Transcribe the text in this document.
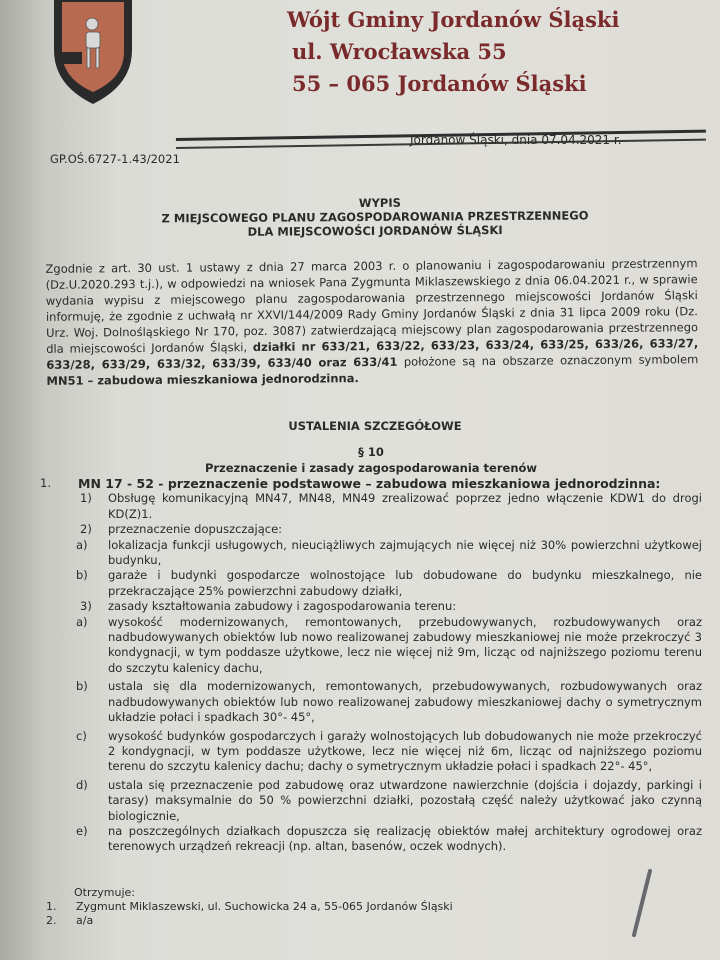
Wójt Gminy Jordanów Śląski
ul. Wrocławska 55
55 – 065 Jordanów Śląski
Jordanów Śląski, dnia 07.04.2021 r.
GP.OŚ.6727-1.43/2021
WYPIS
Z MIEJSCOWEGO PLANU ZAGOSPODAROWANIA PRZESTRZENNEGO
DLA MIEJSCOWOŚCI JORDANÓW ŚLĄSKI
Zgodnie z art. 30 ust. 1 ustawy z dnia 27 marca 2003 r. o planowaniu i zagospodarowaniu przestrzennym (Dz.U.2020.293 t.j.), w odpowiedzi na wniosek Pana Zygmunta Miklaszewskiego z dnia 06.04.2021 r., w sprawie wydania wypisu z miejscowego planu zagospodarowania przestrzennego miejscowości Jordanów Śląski informuję, że zgodnie z uchwałą nr XXVI/144/2009 Rady Gminy Jordanów Śląski z dnia 31 lipca 2009 roku (Dz. Urz. Woj. Dolnośląskiego Nr 170, poz. 3087) zatwierdzającą miejscowy plan zagospodarowania przestrzennego dla miejscowości Jordanów Śląski, działki nr 633/21, 633/22, 633/23, 633/24, 633/25, 633/26, 633/27, 633/28, 633/29, 633/32, 633/39, 633/40 oraz 633/41 położone są na obszarze oznaczonym symbolem MN51 – zabudowa mieszkaniowa jednorodzinna.
USTALENIA SZCZEGÓŁOWE
§ 10
Przeznaczenie i zasady zagospodarowania terenów
1.	MN 17 - 52 - przeznaczenie podstawowe – zabudowa mieszkaniowa jednorodzinna:
1)	Obsługę komunikacyjną MN47, MN48, MN49 zrealizować poprzez jedno włączenie KDW1 do drogi KD(Z)1.
2)	przeznaczenie dopuszczające:
a)	lokalizacja funkcji usługowych, nieuciążliwych zajmujących nie więcej niż 30% powierzchni użytkowej budynku,
b)	garaże i budynki gospodarcze wolnostojące lub dobudowane do budynku mieszkalnego, nie przekraczające 25% powierzchni zabudowy działki,
3)	zasady kształtowania zabudowy i zagospodarowania terenu:
a)	wysokość modernizowanych, remontowanych, przebudowywanych, rozbudowywanych oraz nadbudowywanych obiektów lub nowo realizowanej zabudowy mieszkaniowej nie może przekroczyć 3 kondygnacji, w tym poddasze użytkowe, lecz nie więcej niż 9m, licząc od najniższego poziomu terenu do szczytu kalenicy dachu,
b)	ustala się dla modernizowanych, remontowanych, przebudowywanych, rozbudowywanych oraz nadbudowywanych obiektów lub nowo realizowanej zabudowy mieszkaniowej dachy o symetrycznym układzie połaci i spadkach 30°- 45°,
c)	wysokość budynków gospodarczych i garaży wolnostojących lub dobudowanych nie może przekroczyć 2 kondygnacji, w tym poddasze użytkowe, lecz nie więcej niż 6m, licząc od najniższego poziomu terenu do szczytu kalenicy dachu; dachy o symetrycznym układzie połaci i spadkach 22°- 45°,
d)	ustala się przeznaczenie pod zabudowę oraz utwardzone nawierzchnie (dojścia i dojazdy, parkingi i tarasy) maksymalnie do 50 % powierzchni działki, pozostałą część należy użytkować jako czynną biologicznie,
e)	na poszczególnych działkach dopuszcza się realizację obiektów małej architektury ogrodowej oraz terenowych urządzeń rekreacji (np. altan, basenów, oczek wodnych).
Otrzymuje:
1.	Zygmunt Miklaszewski, ul. Suchowicka 24 a, 55-065 Jordanów Śląski
2.	a/a
